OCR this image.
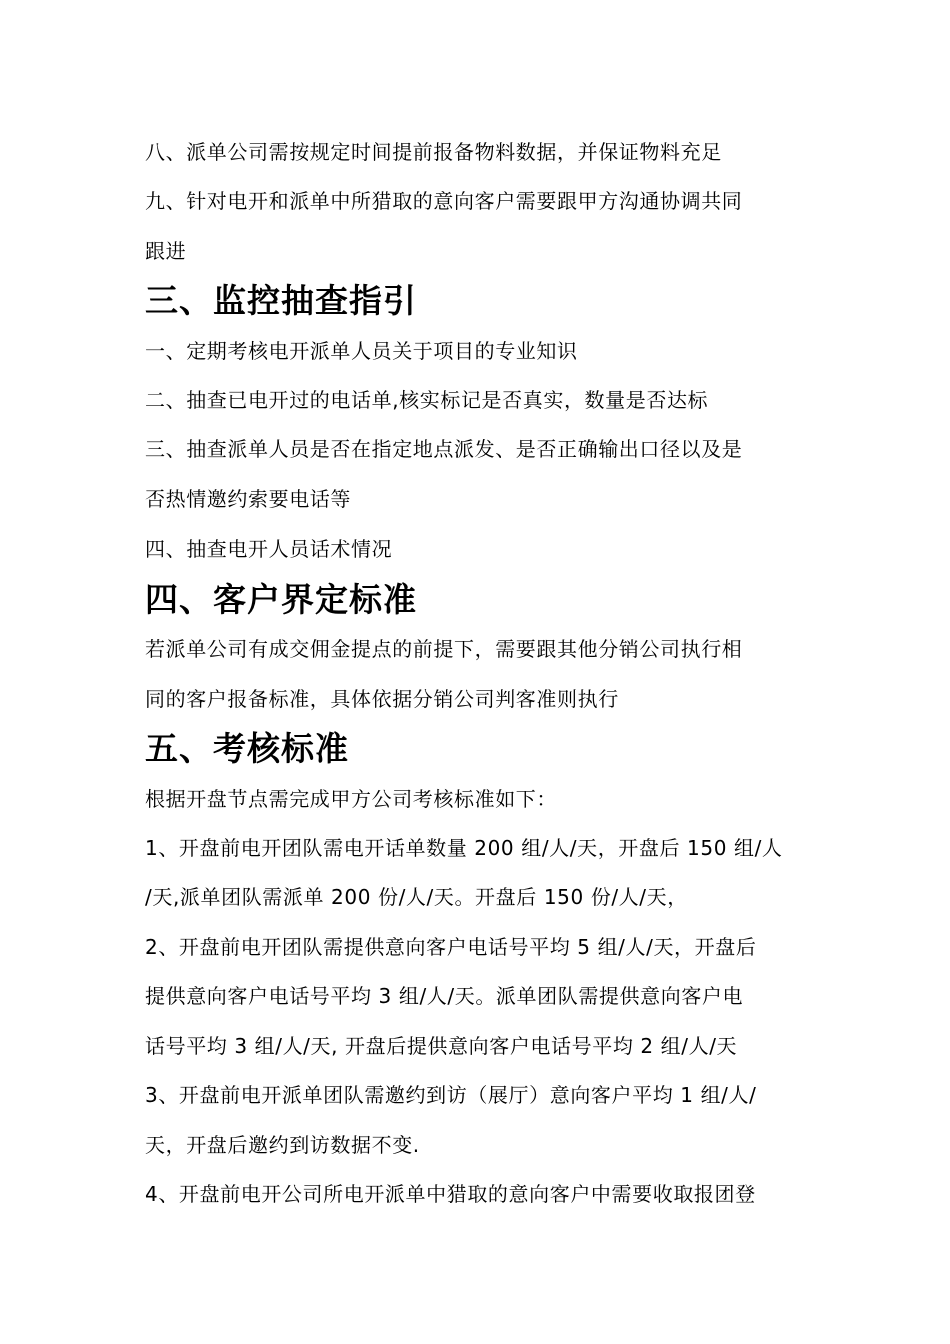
八、派单公司需按规定时间提前报备物料数据，并保证物料充足
九、针对电开和派单中所猎取的意向客户需要跟甲方沟通协调共同
跟进
三、监控抽查指引
一、定期考核电开派单人员关于项目的专业知识
二、抽查已电开过的电话单,核实标记是否真实，数量是否达标
三、抽查派单人员是否在指定地点派发、是否正确输出口径以及是
否热情邀约索要电话等
四、抽查电开人员话术情况
四、客户界定标准
若派单公司有成交佣金提点的前提下，需要跟其他分销公司执行相
同的客户报备标准，具体依据分销公司判客准则执行
五、考核标准
根据开盘节点需完成甲方公司考核标准如下：
1、开盘前电开团队需电开话单数量 200 组/人/天，开盘后 150 组/人
/天,派单团队需派单 200 份/人/天。开盘后 150 份/人/天，
2、开盘前电开团队需提供意向客户电话号平均 5 组/人/天，开盘后
提供意向客户电话号平均 3 组/人/天。派单团队需提供意向客户电
话号平均 3 组/人/天, 开盘后提供意向客户电话号平均 2 组/人/天
3、开盘前电开派单团队需邀约到访（展厅）意向客户平均 1 组/人/
天，开盘后邀约到访数据不变.
4、开盘前电开公司所电开派单中猎取的意向客户中需要收取报团登
